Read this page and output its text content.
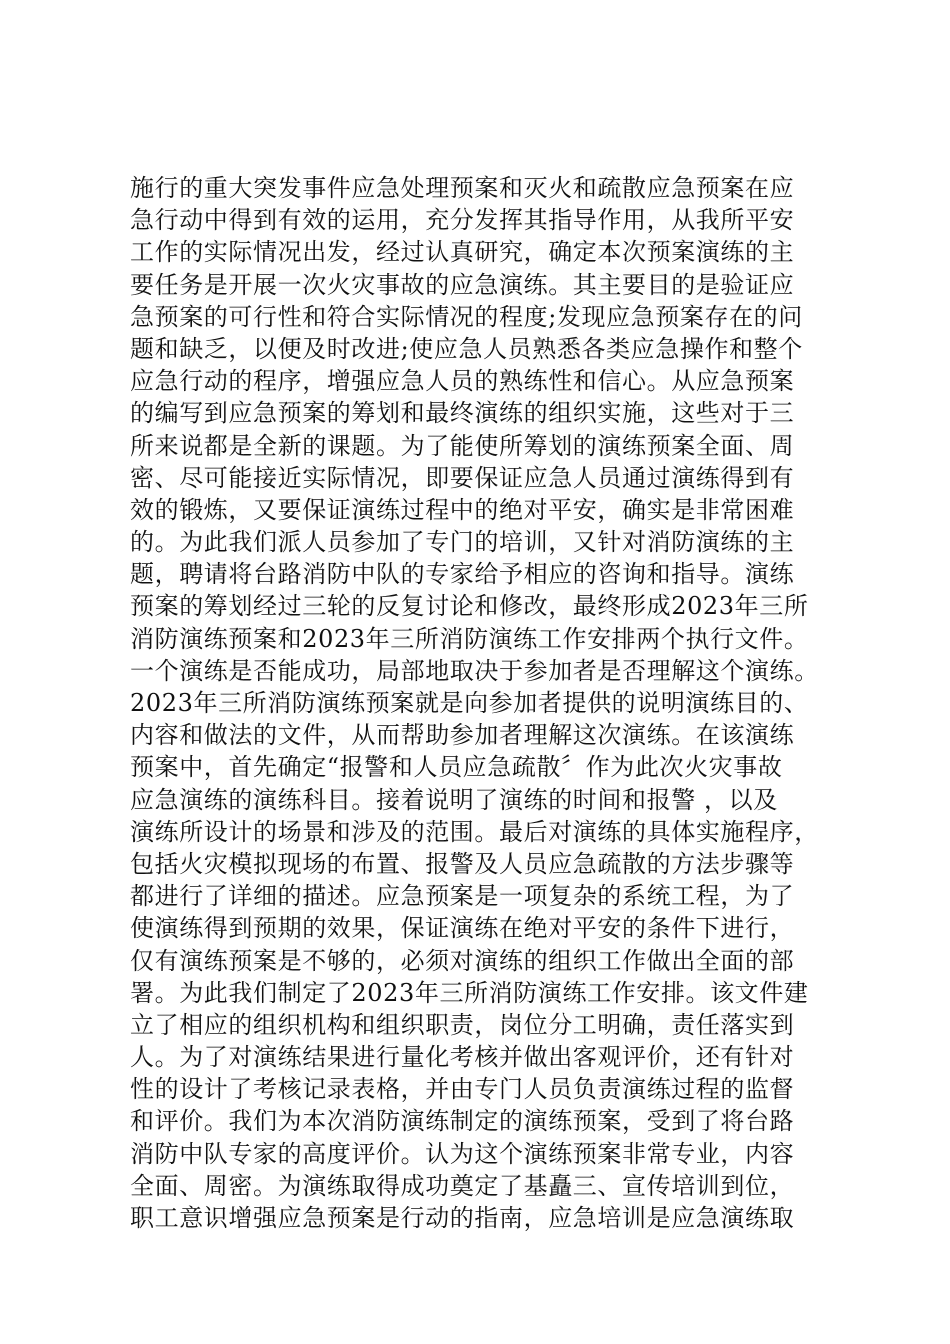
施行的重大突发事件应急处理预案和灭火和疏散应急预案在应
急行动中得到有效的运用，充分发挥其指导作用，从我所平安
工作的实际情况出发，经过认真研究，确定本次预案演练的主
要任务是开展一次火灾事故的应急演练。其主要目的是验证应
急预案的可行性和符合实际情况的程度;发现应急预案存在的问
题和缺乏，以便及时改进;使应急人员熟悉各类应急操作和整个
应急行动的程序，增强应急人员的熟练性和信心。从应急预案
的编写到应急预案的筹划和最终演练的组织实施，这些对于三
所来说都是全新的课题。为了能使所筹划的演练预案全面、周
密、尽可能接近实际情况，即要保证应急人员通过演练得到有
效的锻炼，又要保证演练过程中的绝对平安，确实是非常困难
的。为此我们派人员参加了专门的培训，又针对消防演练的主
题，聘请将台路消防中队的专家给予相应的咨询和指导。演练
预案的筹划经过三轮的反复讨论和修改，最终形成2023年三所
消防演练预案和2023年三所消防演练工作安排两个执行文件。
一个演练是否能成功，局部地取决于参加者是否理解这个演练。
2023年三所消防演练预案就是向参加者提供的说明演练目的、
内容和做法的文件，从而帮助参加者理解这次演练。在该演练
预案中，首先确定“报警和人员应急疏散〞作为此次火灾事故
应急演练的演练科目。接着说明了演练的时间和报警 ，以及
演练所设计的场景和涉及的范围。最后对演练的具体实施程序，
包括火灾模拟现场的布置、报警及人员应急疏散的方法步骤等
都进行了详细的描述。应急预案是一项复杂的系统工程，为了
使演练得到预期的效果，保证演练在绝对平安的条件下进行，
仅有演练预案是不够的，必须对演练的组织工作做出全面的部
署。为此我们制定了2023年三所消防演练工作安排。该文件建
立了相应的组织机构和组织职责，岗位分工明确，责任落实到
人。为了对演练结果进行量化考核并做出客观评价，还有针对
性的设计了考核记录表格，并由专门人员负责演练过程的监督
和评价。我们为本次消防演练制定的演练预案，受到了将台路
消防中队专家的高度评价。认为这个演练预案非常专业，内容
全面、周密。为演练取得成功奠定了基矗三、宣传培训到位，
职工意识增强应急预案是行动的指南，应急培训是应急演练取
